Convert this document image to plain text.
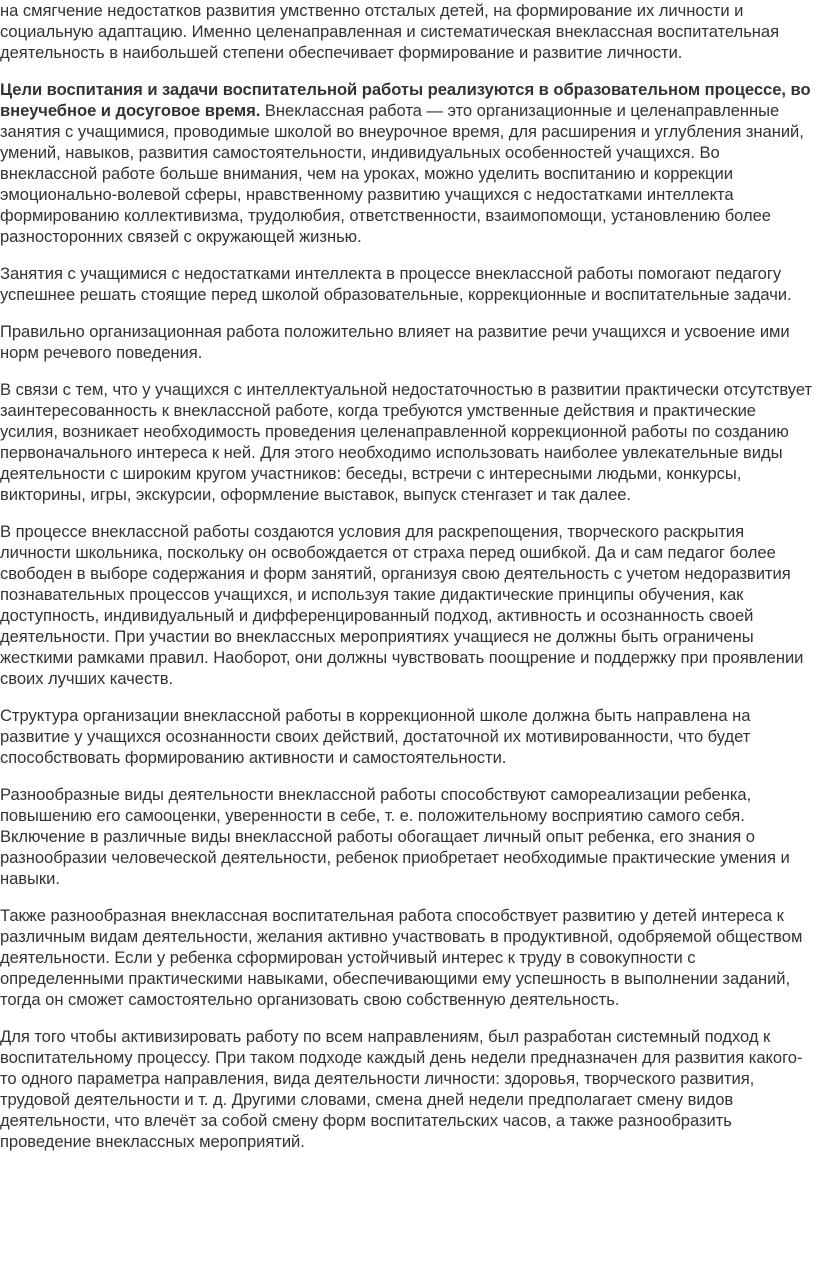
на смягчение недостатков развития умственно отсталых детей, на формирование их личности и социальную адаптацию. Именно целенаправленная и систематическая внеклассная воспитательная деятельность в наибольшей степени обеспечивает формирование и развитие личности.

Цели воспитания и задачи воспитательной работы реализуются в образовательном процессе, во внеучебное и досуговое время. Внеклассная работа — это организационные и целенаправленные занятия с учащимися, проводимые школой во внеурочное время, для расширения и углубления знаний, умений, навыков, развития самостоятельности, индивидуальных особенностей учащихся. Во внеклассной работе больше внимания, чем на уроках, можно уделить воспитанию и коррекции эмоционально-волевой сферы, нравственному развитию учащихся с недостатками интеллекта формированию коллективизма, трудолюбия, ответственности, взаимопомощи, установлению более разносторонних связей с окружающей жизнью.

Занятия с учащимися с недостатками интеллекта в процессе внеклассной работы помогают педагогу успешнее решать стоящие перед школой образовательные, коррекционные и воспитательные задачи.

Правильно организационная работа положительно влияет на развитие речи учащихся и усвоение ими норм речевого поведения.

В связи с тем, что у учащихся с интеллектуальной недостаточностью в развитии практически отсутствует заинтересованность к внеклассной работе, когда требуются умственные действия и практические усилия, возникает необходимость проведения целенаправленной коррекционной работы по созданию первоначального интереса к ней. Для этого необходимо использовать наиболее увлекательные виды деятельности с широким кругом участников: беседы, встречи с интересными людьми, конкурсы, викторины, игры, экскурсии, оформление выставок, выпуск стенгазет и так далее.

В процессе внеклассной работы создаются условия для раскрепощения, творческого раскрытия личности школьника, поскольку он освобождается от страха перед ошибкой. Да и сам педагог более свободен в выборе содержания и форм занятий, организуя свою деятельность с учетом недоразвития познавательных процессов учащихся, и используя такие дидактические принципы обучения, как доступность, индивидуальный и дифференцированный подход, активность и осознанность своей деятельности. При участии во внеклассных мероприятиях учащиеся не должны быть ограничены жесткими рамками правил. Наоборот, они должны чувствовать поощрение и поддержку при проявлении своих лучших качеств.

Структура организации внеклассной работы в коррекционной школе должна быть направлена на развитие у учащихся осознанности своих действий, достаточной их мотивированности, что будет способствовать формированию активности и самостоятельности.

Разнообразные виды деятельности внеклассной работы способствуют самореализации ребенка, повышению его самооценки, уверенности в себе, т. е. положительному восприятию самого себя. Включение в различные виды внеклассной работы обогащает личный опыт ребенка, его знания о разнообразии человеческой деятельности, ребенок приобретает необходимые практические умения и навыки.

Также разнообразная внеклассная воспитательная работа способствует развитию у детей интереса к различным видам деятельности, желания активно участвовать в продуктивной, одобряемой обществом деятельности. Если у ребенка сформирован устойчивый интерес к труду в совокупности с определенными практическими навыками, обеспечивающими ему успешность в выполнении заданий, тогда он сможет самостоятельно организовать свою собственную деятельность.

Для того чтобы активизировать работу по всем направлениям, был разработан системный подход к воспитательному процессу. При таком подходе каждый день недели предназначен для развития какого-то одного параметра направления, вида деятельности личности: здоровья, творческого развития, трудовой деятельности и т. д. Другими словами, смена дней недели предполагает смену видов деятельности, что влечёт за собой смену форм воспитательских часов, а также разнообразить проведение внеклассных мероприятий.
